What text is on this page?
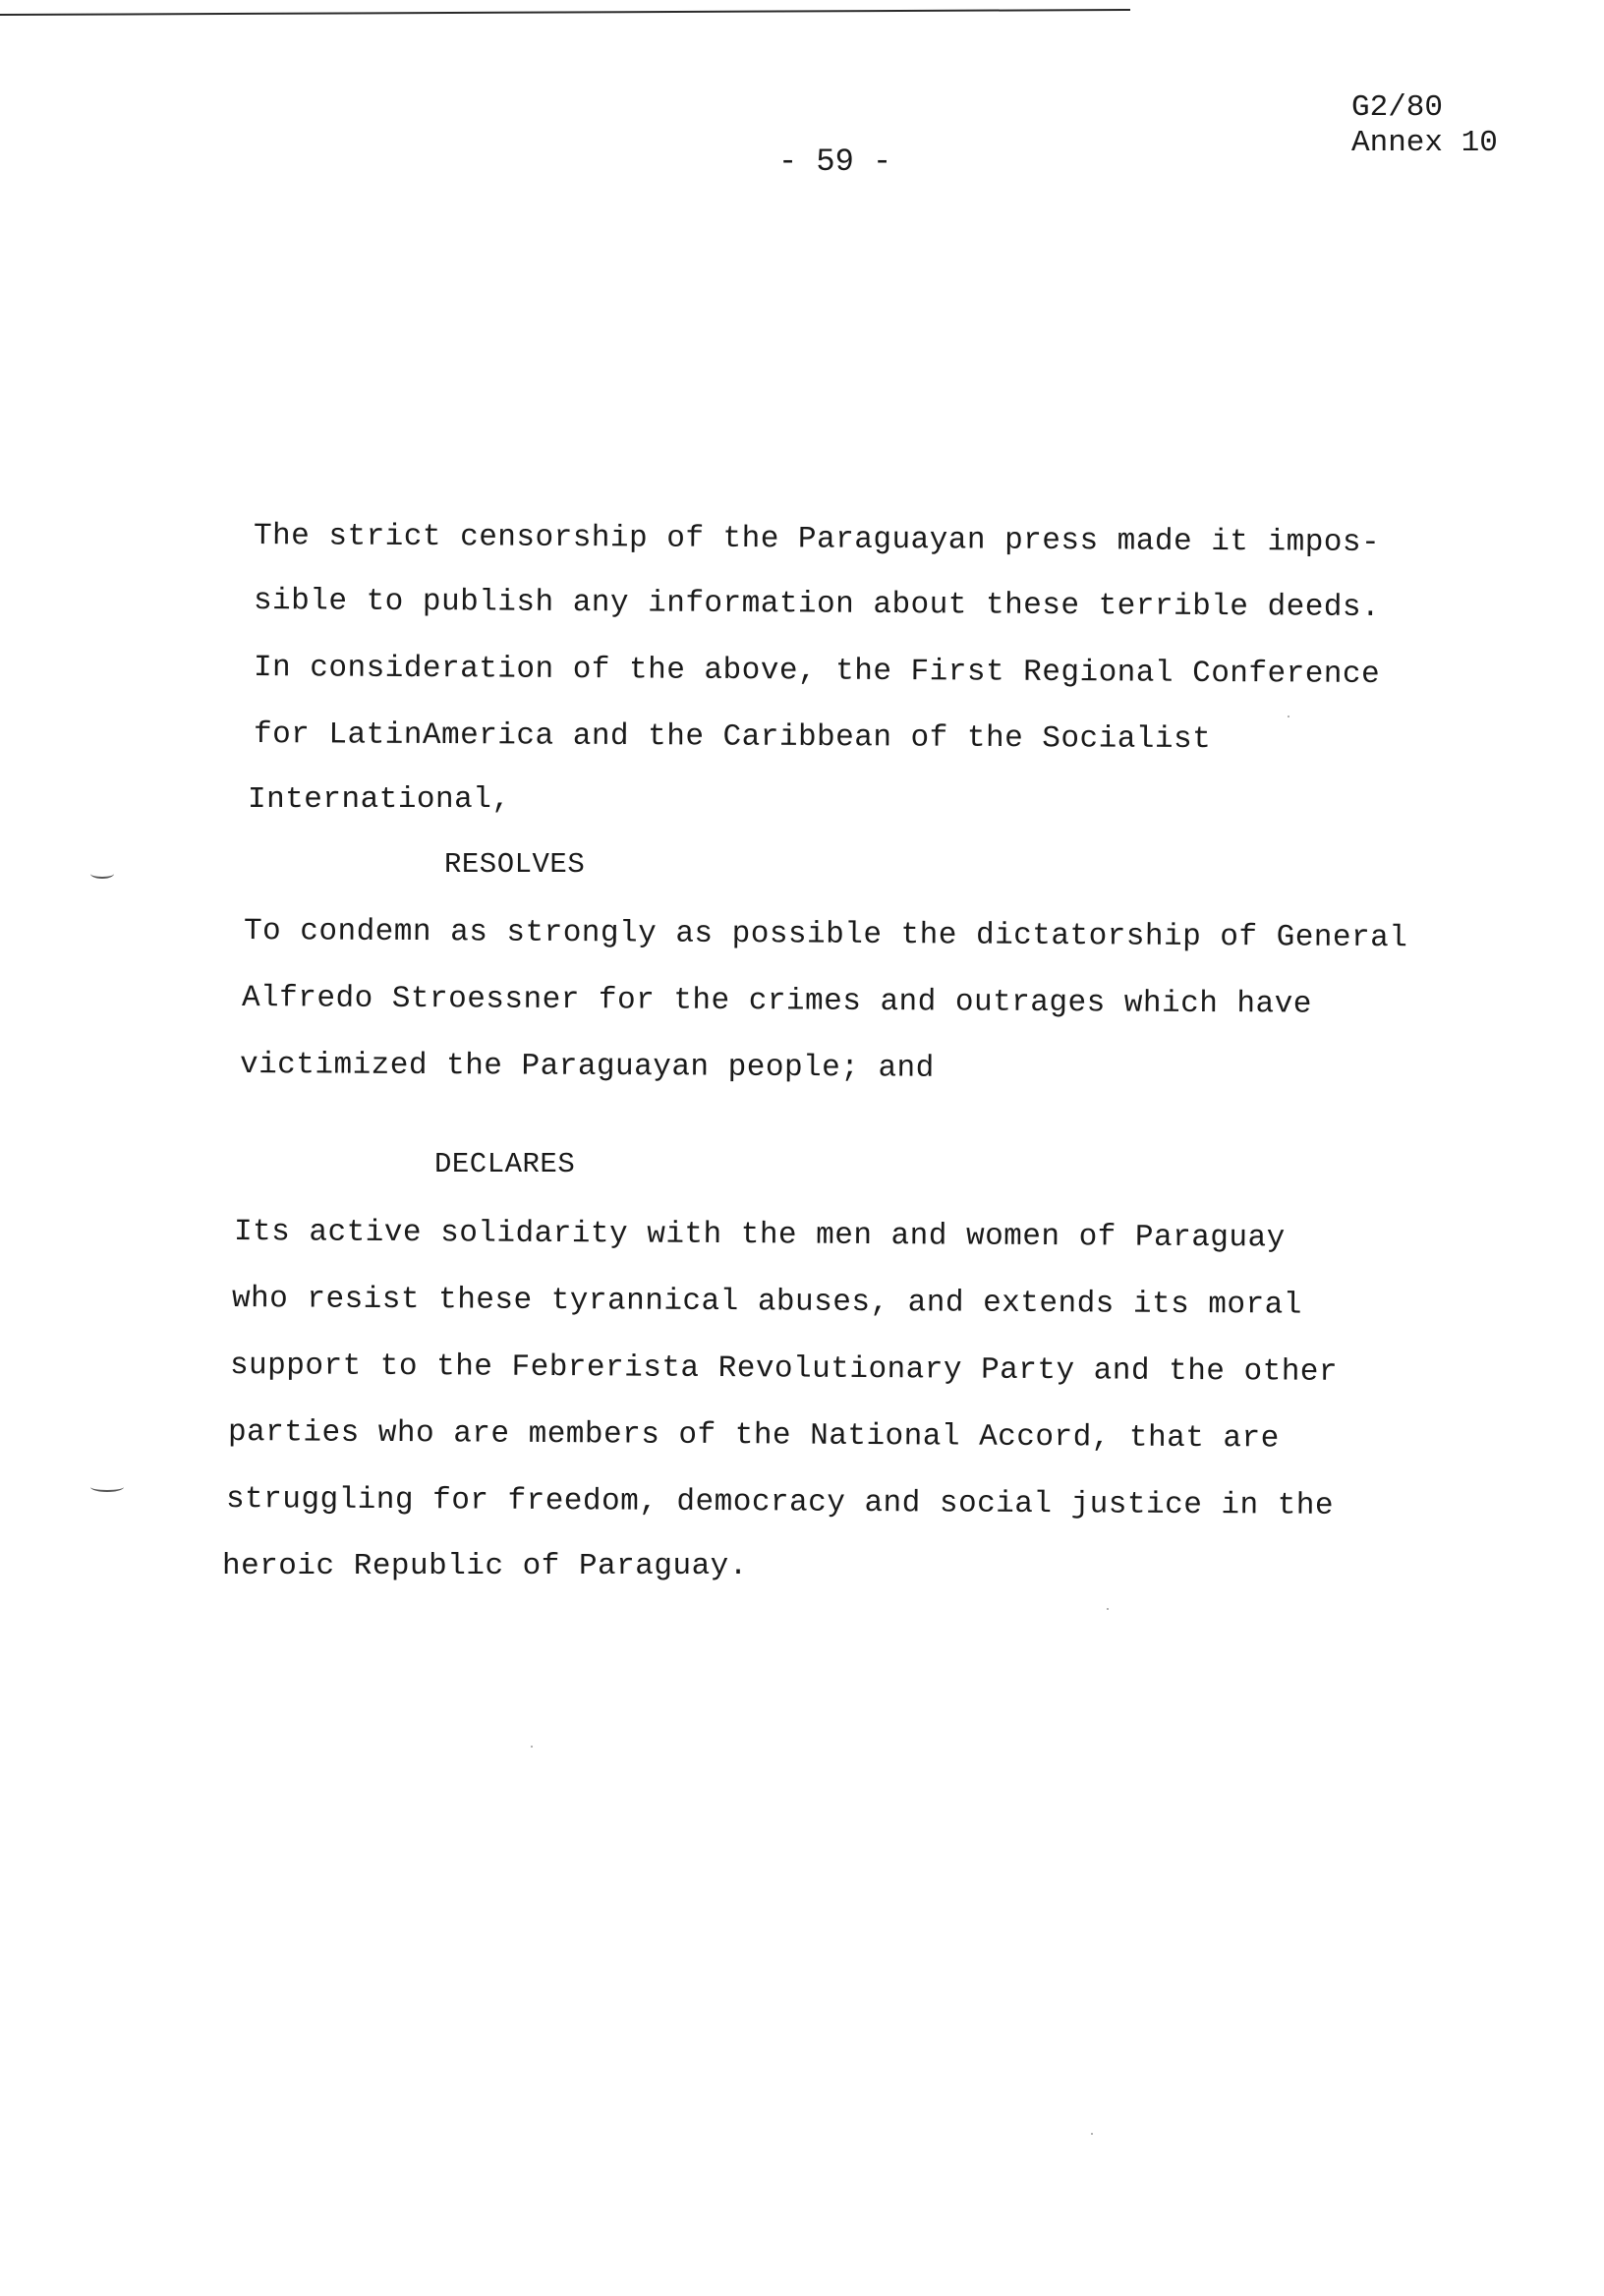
G2/80
Annex 10
- 59 -
The strict censorship of the Paraguayan press made it impos-
sible to publish any information about these terrible deeds.
In consideration of the above, the First Regional Conference
for LatinAmerica and the Caribbean of the Socialist
International,
RESOLVES
To condemn as strongly as possible the dictatorship of General
Alfredo Stroessner for the crimes and outrages which have
victimized the Paraguayan people; and
DECLARES
Its active solidarity with the men and women of Paraguay
who resist these tyrannical abuses, and extends its moral
support to the Febrerista Revolutionary Party and the other
parties who are members of the National Accord, that are
struggling for freedom, democracy and social justice in the
heroic Republic of Paraguay.
